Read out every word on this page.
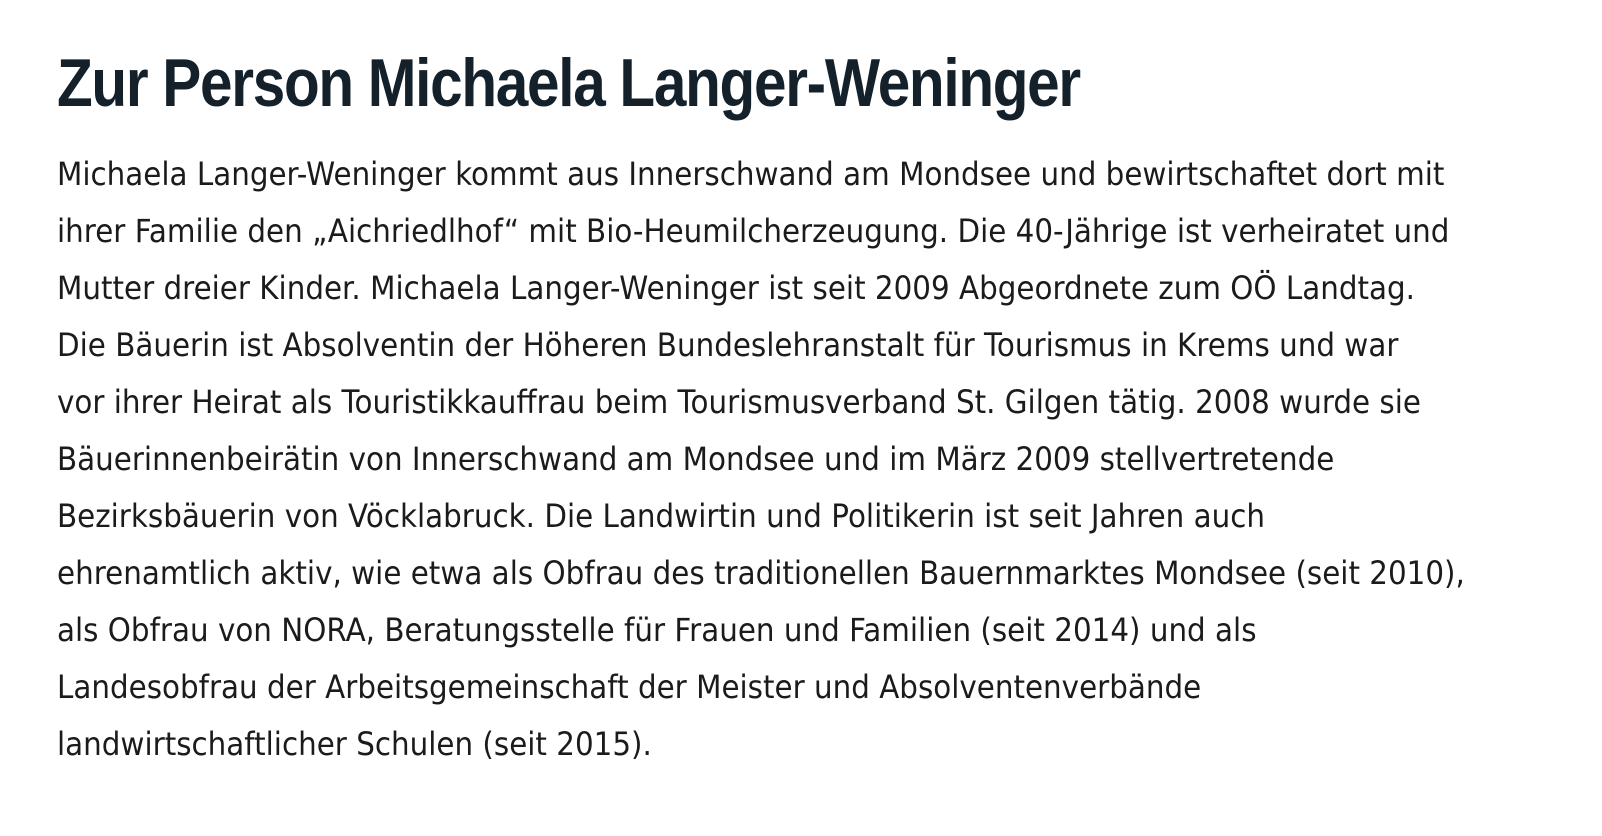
Zur Person Michaela Langer-Weninger

Michaela Langer-Weninger kommt aus Innerschwand am Mondsee und bewirtschaftet dort mit
ihrer Familie den „Aichriedlhof“ mit Bio-Heumilcherzeugung. Die 40-Jährige ist verheiratet und
Mutter dreier Kinder. Michaela Langer-Weninger ist seit 2009 Abgeordnete zum OÖ Landtag.
Die Bäuerin ist Absolventin der Höheren Bundeslehranstalt für Tourismus in Krems und war
vor ihrer Heirat als Touristikkauffrau beim Tourismusverband St. Gilgen tätig. 2008 wurde sie
Bäuerinnenbeirätin von Innerschwand am Mondsee und im März 2009 stellvertretende
Bezirksbäuerin von Vöcklabruck. Die Landwirtin und Politikerin ist seit Jahren auch
ehrenamtlich aktiv, wie etwa als Obfrau des traditionellen Bauernmarktes Mondsee (seit 2010),
als Obfrau von NORA, Beratungsstelle für Frauen und Familien (seit 2014) und als
Landesobfrau der Arbeitsgemeinschaft der Meister und Absolventenverbände
landwirtschaftlicher Schulen (seit 2015).
